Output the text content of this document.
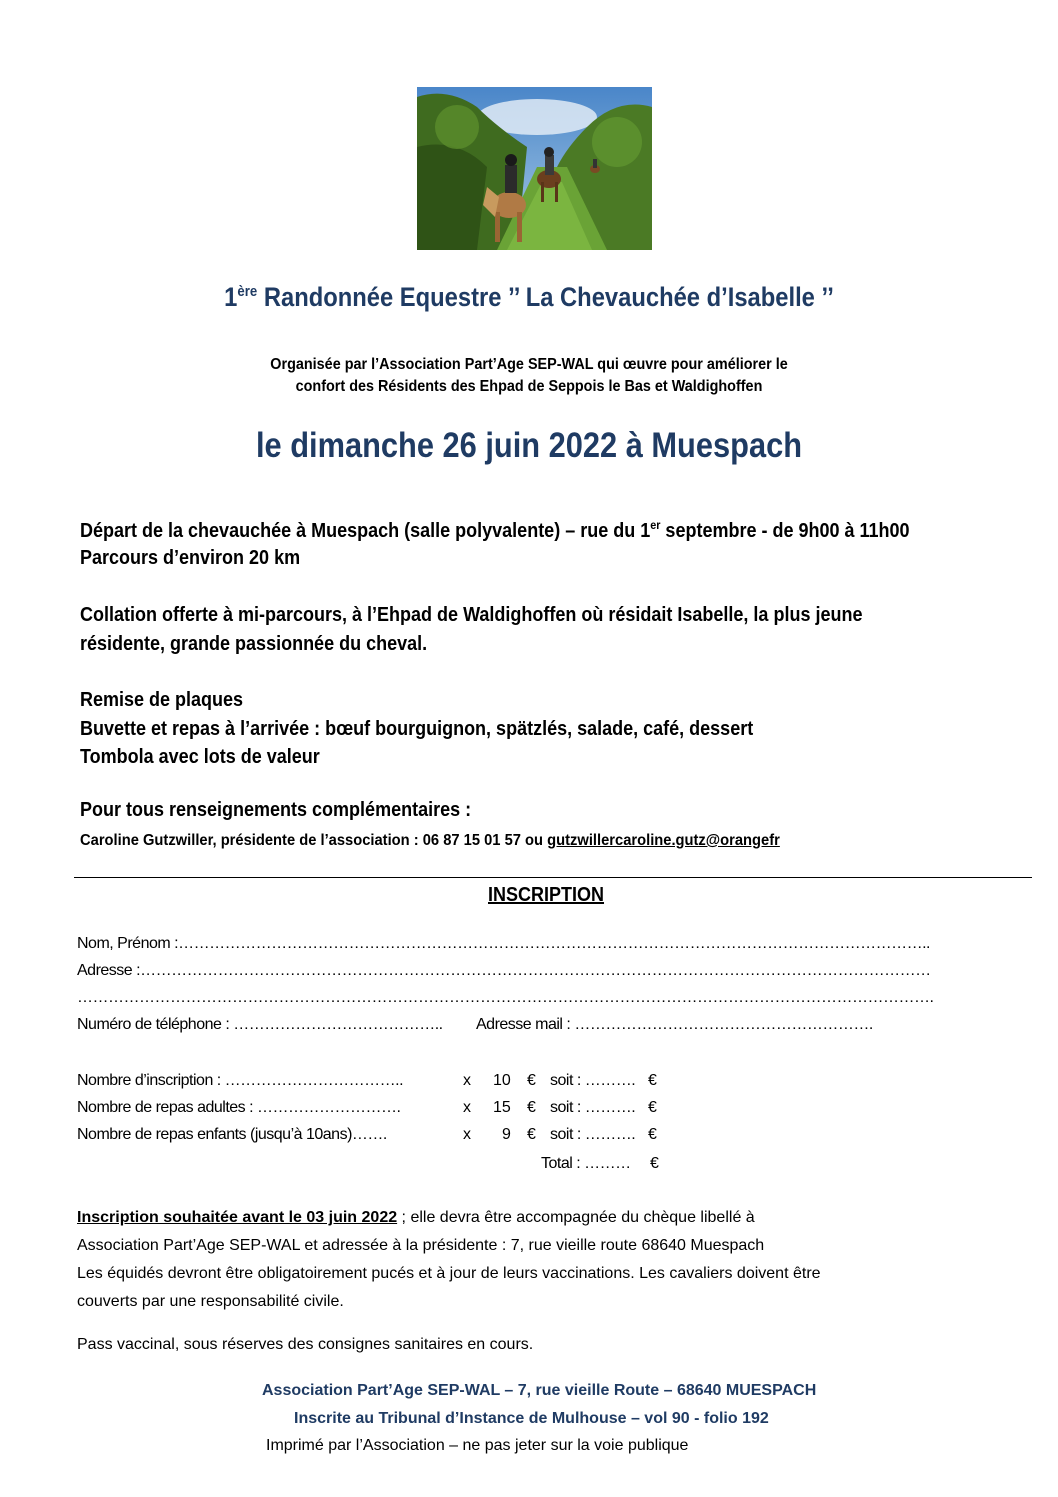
1ère Randonnée Equestre ’’ La Chevauchée d’Isabelle ’’
Organisée par l’Association Part’Age SEP-WAL qui œuvre pour améliorer le
confort des Résidents des Ehpad de Seppois le Bas et Waldighoffen
le dimanche 26 juin 2022 à Muespach
Départ de la chevauchée à Muespach (salle polyvalente) – rue du 1er septembre - de 9h00 à 11h00
Parcours d’environ 20 km
Collation offerte à mi-parcours, à l’Ehpad de Waldighoffen où résidait Isabelle, la plus jeune
résidente, grande passionnée du cheval.
Remise de plaques
Buvette et repas à l’arrivée : bœuf bourguignon, spätzlés, salade, café, dessert
Tombola avec lots de valeur
Pour tous renseignements complémentaires :
Caroline Gutzwiller, présidente de l’association : 06 87 15 01 57 ou gutzwillercaroline.gutz@orangefr
INSCRIPTION
Nom, Prénom :………………………………………………………………………………………………………………………………..
Adresse :………………………………………………………………………………………………………………………………………
………………………………………………………………………………………………………………………………………………….
Numéro de téléphone : ………………………………….. Adresse mail : ………………………………………………….
Nombre d’inscription : ……………………………..	x 10 € soit : ………. €
Nombre de repas adultes : ……………………….	x 15 € soit : ………. €
Nombre de repas enfants (jusqu’à 10ans)…….	x 9 € soit : ………. €
Total : ……… €
Inscription souhaitée avant le 03 juin 2022 ; elle devra être accompagnée du chèque libellé à
Association Part’Age SEP-WAL et adressée à la présidente : 7, rue vieille route 68640 Muespach
Les équidés devront être obligatoirement pucés et à jour de leurs vaccinations. Les cavaliers doivent être
couverts par une responsabilité civile.
Pass vaccinal, sous réserves des consignes sanitaires en cours.
Association Part’Age SEP-WAL – 7, rue vieille Route – 68640 MUESPACH
Inscrite au Tribunal d’Instance de Mulhouse – vol 90 - folio 192
Imprimé par l’Association – ne pas jeter sur la voie publique
